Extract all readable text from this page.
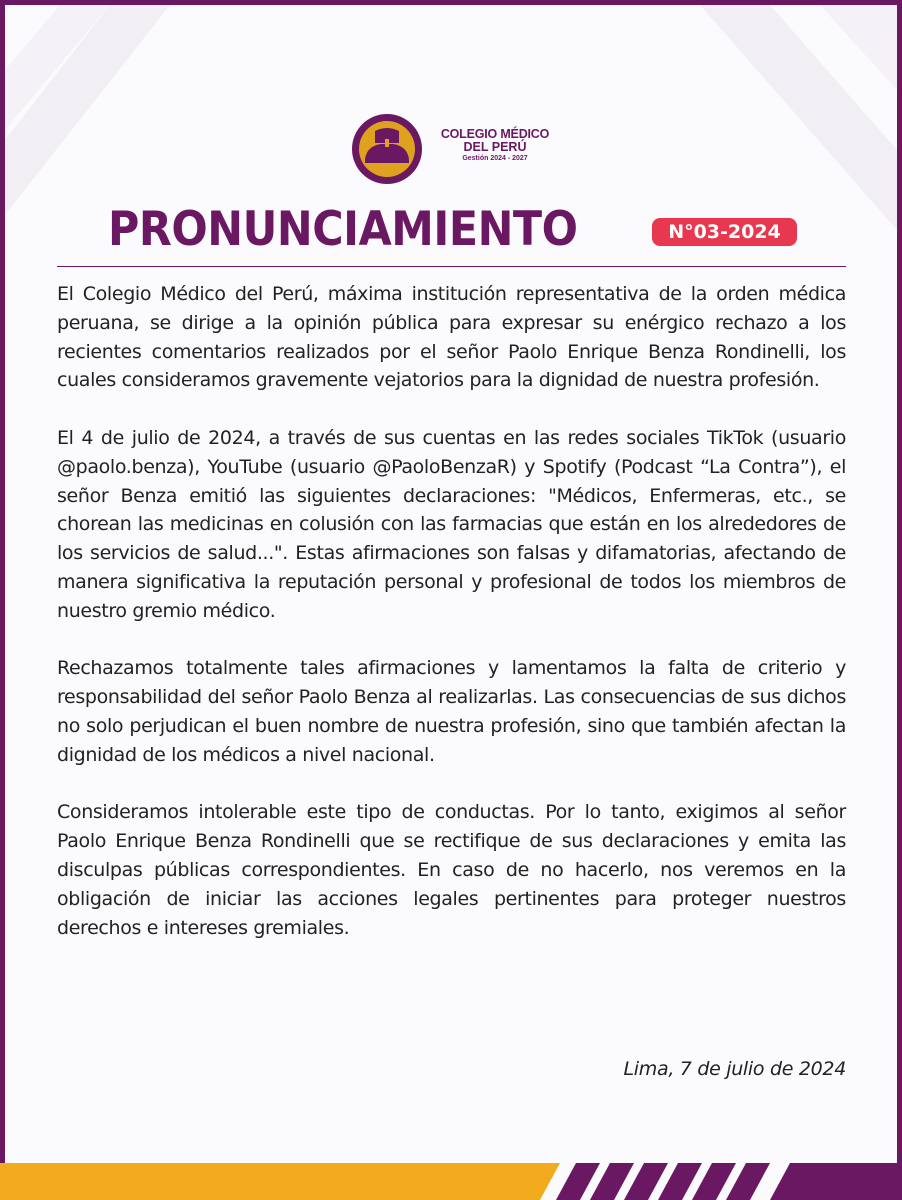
COLEGIO MÉDICO
DEL PERÚ
Gestión 2024 - 2027
PRONUNCIAMIENTO	N°03-2024

El Colegio Médico del Perú, máxima institución representativa de la orden médica peruana, se dirige a la opinión pública para expresar su enérgico rechazo a los recientes comentarios realizados por el señor Paolo Enrique Benza Rondinelli, los cuales consideramos gravemente vejatorios para la dignidad de nuestra profesión.

El 4 de julio de 2024, a través de sus cuentas en las redes sociales TikTok (usuario @paolo.benza), YouTube (usuario @PaoloBenzaR) y Spotify (Podcast “La Contra”), el señor Benza emitió las siguientes declaraciones: "Médicos, Enfermeras, etc., se chorean las medicinas en colusión con las farmacias que están en los alrededores de los servicios de salud...". Estas afirmaciones son falsas y difamatorias, afectando de manera significativa la reputación personal y profesional de todos los miembros de nuestro gremio médico.

Rechazamos totalmente tales afirmaciones y lamentamos la falta de criterio y responsabilidad del señor Paolo Benza al realizarlas. Las consecuencias de sus dichos no solo perjudican el buen nombre de nuestra profesión, sino que también afectan la dignidad de los médicos a nivel nacional.

Consideramos intolerable este tipo de conductas. Por lo tanto, exigimos al señor Paolo Enrique Benza Rondinelli que se rectifique de sus declaraciones y emita las disculpas públicas correspondientes. En caso de no hacerlo, nos veremos en la obligación de iniciar las acciones legales pertinentes para proteger nuestros derechos e intereses gremiales.

Lima, 7 de julio de 2024
